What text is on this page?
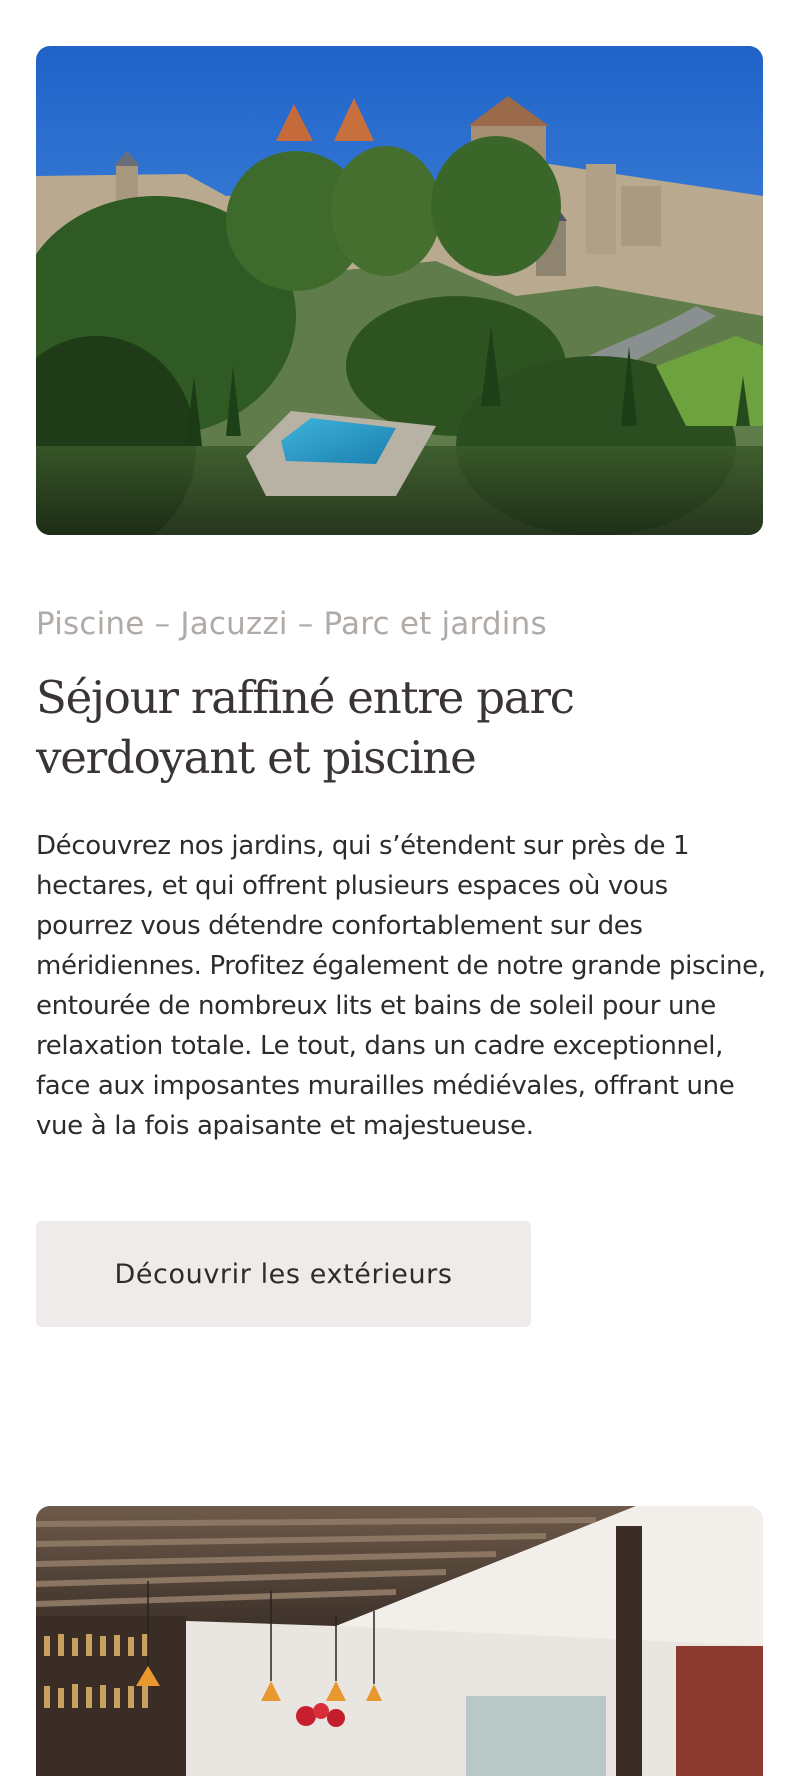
Piscine – Jacuzzi – Parc et jardins
Séjour raffiné entre parc verdoyant et piscine

Découvrez nos jardins, qui s’étendent sur près de 1 hectares, et qui offrent plusieurs espaces où vous pourrez vous détendre confortablement sur des méridiennes. Profitez également de notre grande piscine, entourée de nombreux lits et bains de soleil pour une relaxation totale. Le tout, dans un cadre exceptionnel, face aux imposantes murailles médiévales, offrant une vue à la fois apaisante et majestueuse.

Découvrir les extérieurs
